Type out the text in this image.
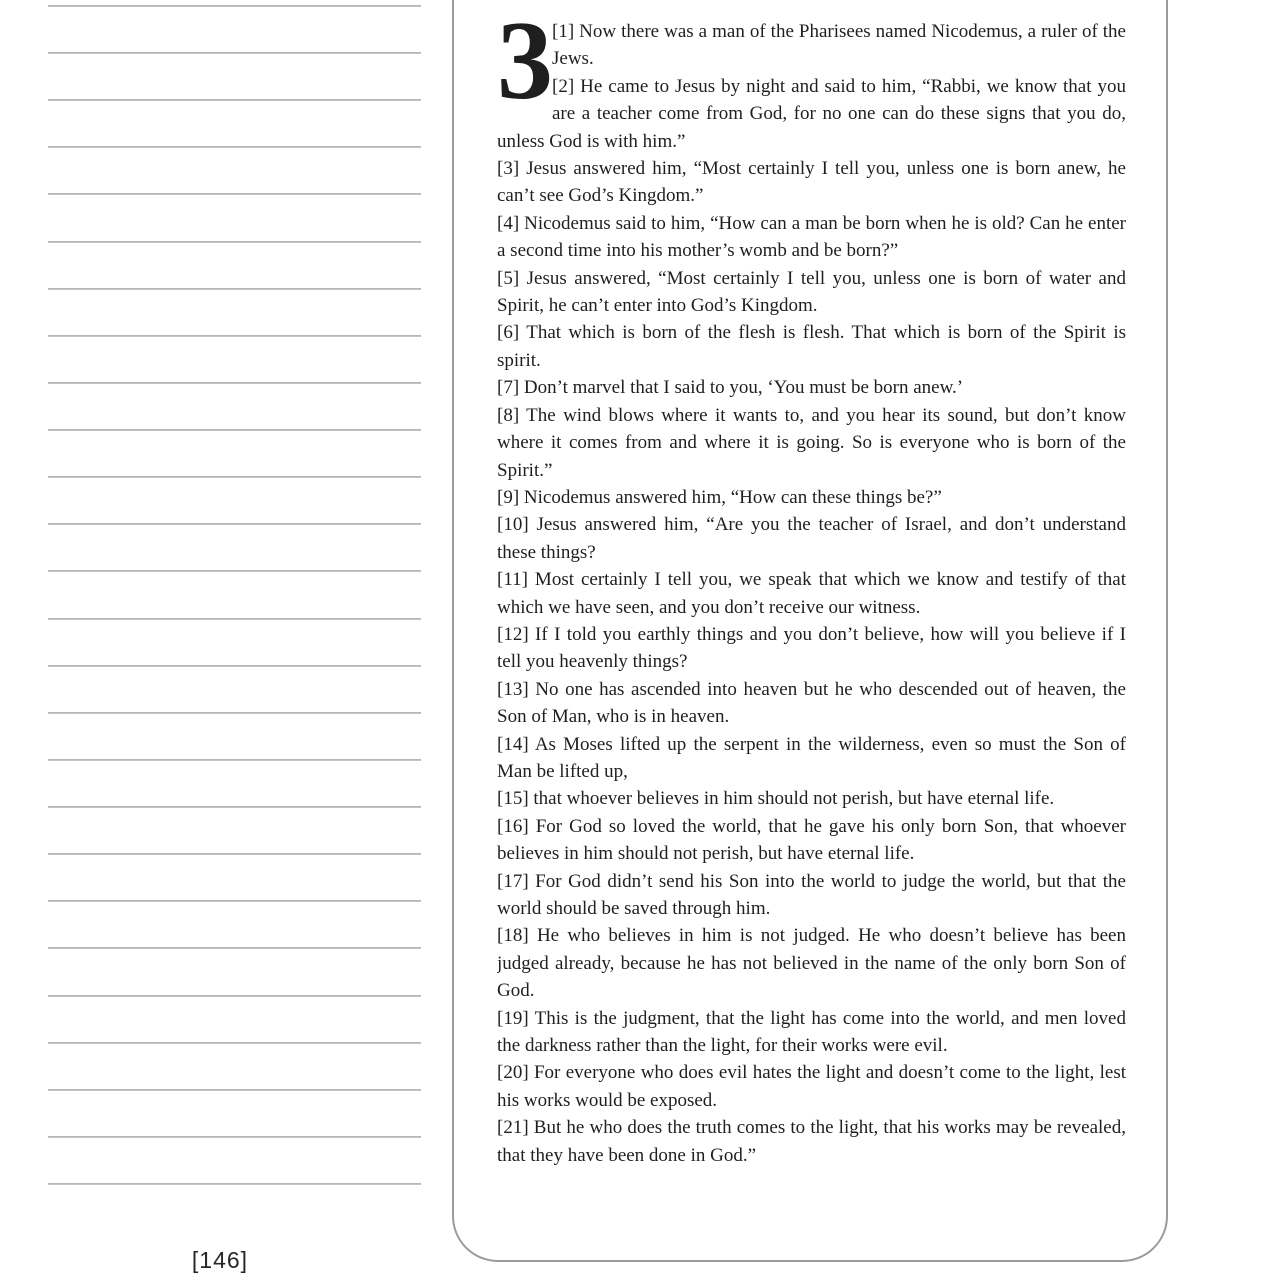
[146]
3 [1] Now there was a man of the Pharisees named Nicodemus, a ruler of the Jews.

[2] He came to Jesus by night and said to him, “Rabbi, we know that you are a teacher come from God, for no one can do these signs that you do, unless God is with him.”

[3] Jesus answered him, “Most certainly I tell you, unless one is born anew, he can’t see God’s Kingdom.”

[4] Nicodemus said to him, “How can a man be born when he is old? Can he enter a second time into his mother’s womb and be born?”

[5] Jesus answered, “Most certainly I tell you, unless one is born of water and Spirit, he can’t enter into God’s Kingdom.

[6] That which is born of the flesh is flesh. That which is born of the Spirit is spirit.

[7] Don’t marvel that I said to you, ‘You must be born anew.’

[8] The wind blows where it wants to, and you hear its sound, but don’t know where it comes from and where it is going. So is everyone who is born of the Spirit.”

[9] Nicodemus answered him, “How can these things be?”

[10] Jesus answered him, “Are you the teacher of Israel, and don’t understand these things?

[11] Most certainly I tell you, we speak that which we know and testify of that which we have seen, and you don’t receive our witness.

[12] If I told you earthly things and you don’t believe, how will you believe if I tell you heavenly things?

[13] No one has ascended into heaven but he who descended out of heaven, the Son of Man, who is in heaven.

[14] As Moses lifted up the serpent in the wilderness, even so must the Son of Man be lifted up,

[15] that whoever believes in him should not perish, but have eternal life.

[16] For God so loved the world, that he gave his only born Son, that whoever believes in him should not perish, but have eternal life.

[17] For God didn’t send his Son into the world to judge the world, but that the world should be saved through him.

[18] He who believes in him is not judged. He who doesn’t believe has been judged already, because he has not believed in the name of the only born Son of God.

[19] This is the judgment, that the light has come into the world, and men loved the darkness rather than the light, for their works were evil.

[20] For everyone who does evil hates the light and doesn’t come to the light, lest his works would be exposed.

[21] But he who does the truth comes to the light, that his works may be revealed, that they have been done in God.”
